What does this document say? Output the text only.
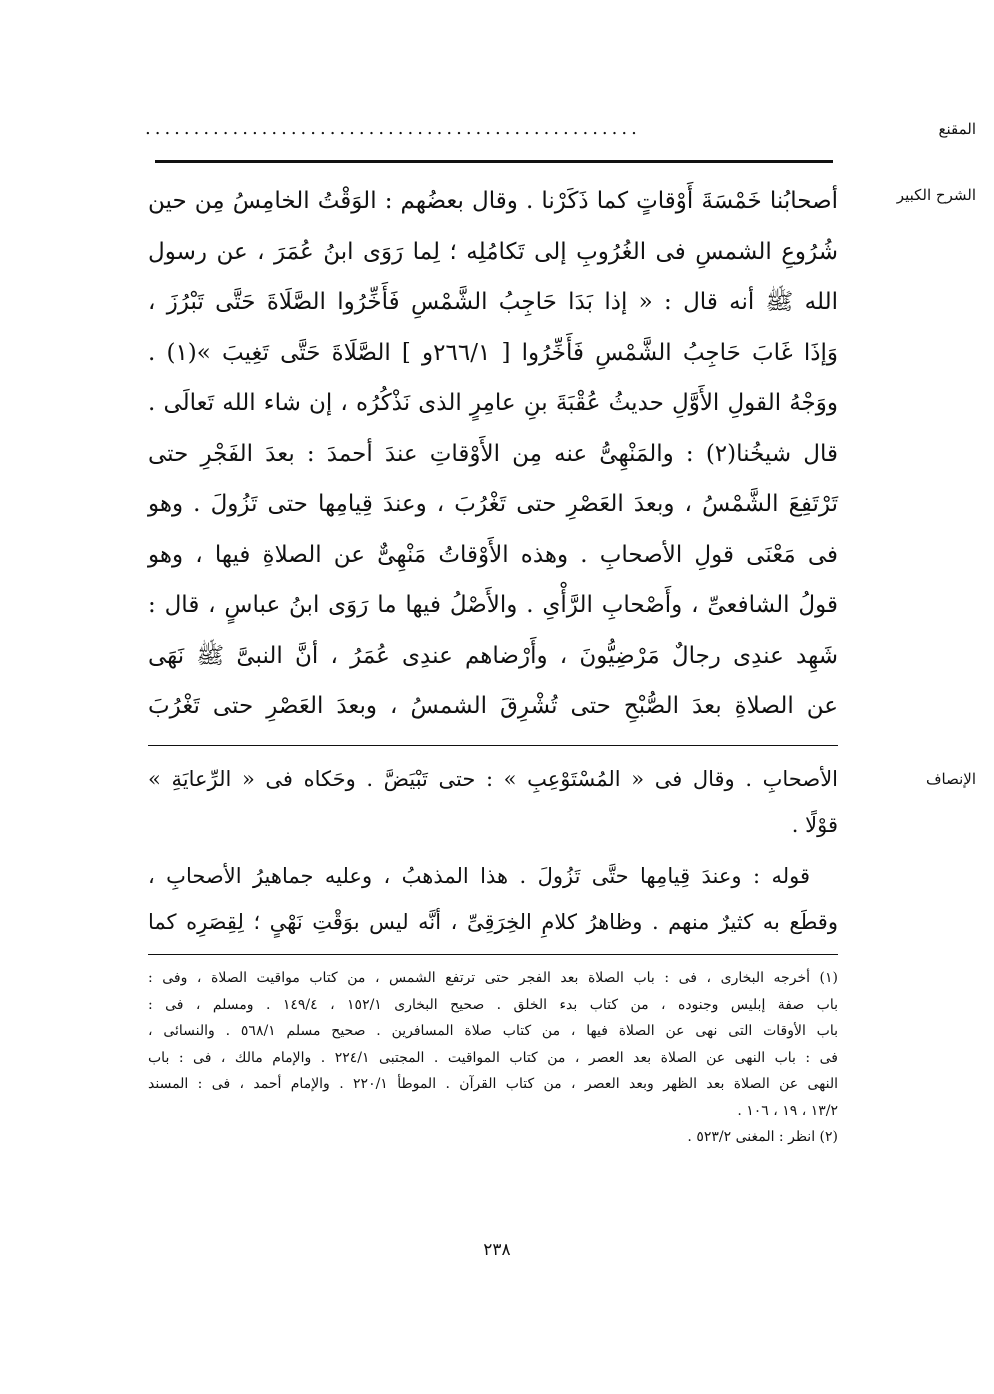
المقنع
...................................................
الشرح الكبير

أصحابُنا خَمْسَةَ أَوْقاتٍ كما ذَكَرْنا . وقال بعضُهم : الوَقْتُ الخامِسُ مِن حين

شُرُوعِ الشمسِ فى الغُرُوبِ إلى تَكامُلِه ؛ لِما رَوَى ابنُ عُمَرَ ، عن رسول

الله ﷺ أنه قال : « إذا بَدَا حَاجِبُ الشَّمْسِ فَأَخِّرُوا الصَّلَاةَ حَتَّى تَبْرُزَ ،

وَإذَا غَابَ حَاجِبُ الشَّمْسِ فَأَخِّرُوا [ ٢٦٦/١و ] الصَّلَاةَ حَتَّى تَغِيبَ »(١) .

ووَجْهُ القولِ الأَوَّلِ حديثُ عُقْبَةَ بنِ عامِرٍ الذى نَذْكُرُه ، إن شاء الله تَعالَى .

قال شيخُنا(٢) : والمَنْهِىُّ عنه مِن الأَوْقاتِ عندَ أحمدَ : بعدَ الفَجْرِ حتى

تَرْتَفِعَ الشَّمْسُ ، وبعدَ العَصْرِ حتى تَغْرُبَ ، وعندَ قِيامِها حتى تَزُولَ . وهو

فى مَعْنَى قولِ الأصحابِ . وهذه الأَوْقاتُ مَنْهِىٌّ عن الصلاةِ فيها ، وهو

قولُ الشافعىِّ ، وأَصْحابِ الرَّأْىِ . والأَصْلُ فيها ما رَوَى ابنُ عباسٍ ، قال :

شَهِد عندِى رجالٌ مَرْضِيُّونَ ، وأَرْضاهم عندِى عُمَرُ ، أنَّ النبىَّ ﷺ نَهَى

عن الصلاةِ بعدَ الصُّبْحِ حتى تُشْرِقَ الشمسُ ، وبعدَ العَصْرِ حتى تَغْرُبَ

الإنصاف

الأصحابِ . وقال فى « المُسْتَوْعِبِ » : حتى تَبْيَضَّ . وحَكاه فى « الرِّعايَةِ »

قوْلًا .

قوله : وعندَ قِيامِها حتَّى تَزُولَ . هذا المذهبُ ، وعليه جماهيرُ الأصحابِ ،

وقطَع به كثيرٌ منهم . وظاهرُ كلامِ الخِرَقِىِّ ، أنَّه ليس بوَقْتِ نَهْىٍ ؛ لِقِصَرِه كما

(١) أخرجه البخارى ، فى : باب الصلاة بعد الفجر حتى ترتفع الشمس ، من كتاب مواقيت الصلاة ، وفى :

باب صفة إبليس وجنوده ، من كتاب بدء الخلق . صحيح البخارى ١٥٢/١ ، ١٤٩/٤ . ومسلم ، فى :

باب الأوقات التى نهى عن الصلاة فيها ، من كتاب صلاة المسافرين . صحيح مسلم ٥٦٨/١ . والنسائى ،

فى : باب النهى عن الصلاة بعد العصر ، من كتاب المواقيت . المجتبى ٢٢٤/١ . والإمام مالك ، فى : باب

النهى عن الصلاة بعد الظهر وبعد العصر ، من كتاب القرآن . الموطأ ٢٢٠/١ . والإمام أحمد ، فى : المسند

١٣/٢ ، ١٩ ، ١٠٦ .

(٢) انظر : المغنى ٥٢٣/٢ .

٢٣٨
